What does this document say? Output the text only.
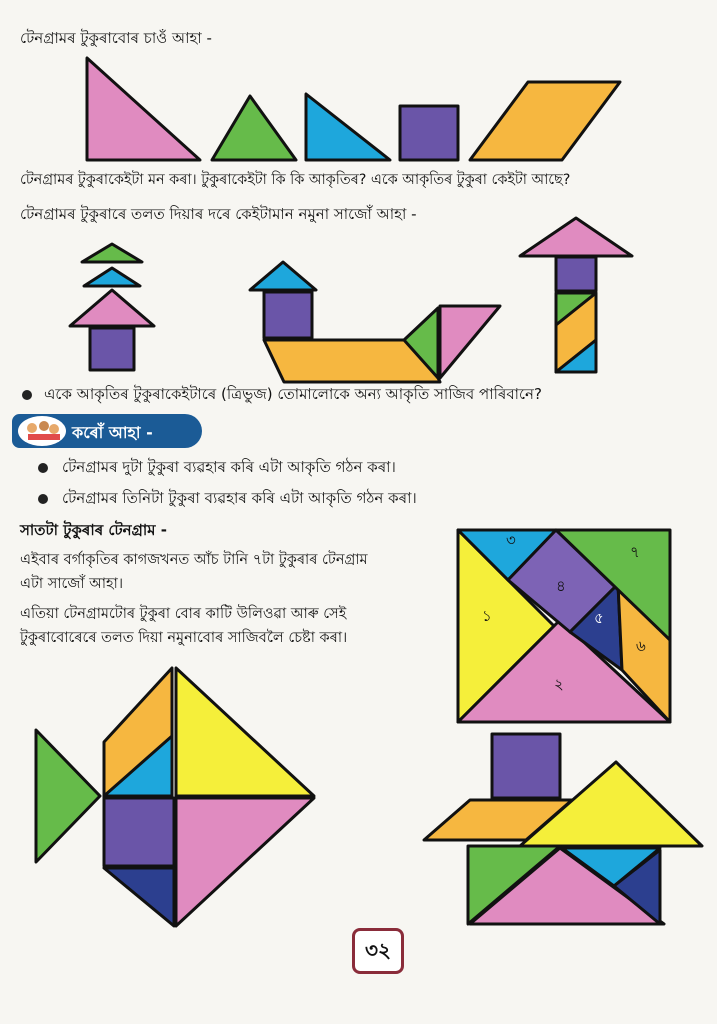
টেনগ্ৰামৰ টুকুৰাবোৰ চাওঁ আহা -
টেনগ্ৰামৰ টুকুৰাকেইটা মন কৰা। টুকুৰাকেইটা কি কি আকৃতিৰ? একে আকৃতিৰ টুকুৰা কেইটা আছে?
টেনগ্ৰামৰ টুকুৰাৰে তলত দিয়াৰ দৰে কেইটামান নমুনা সাজোঁ আহা -
একে আকৃতিৰ টুকুৰাকেইটাৰে (ত্ৰিভুজ) তোমালোকে অন্য আকৃতি সাজিব পাৰিবানে?
কৰোঁ আহা -
টেনগ্ৰামৰ দুটা টুকুৰা ব্যৱহাৰ কৰি এটা আকৃতি গঠন কৰা।
টেনগ্ৰামৰ তিনিটা টুকুৰা ব্যৱহাৰ কৰি এটা আকৃতি গঠন কৰা।
সাতটা টুকুৰাৰ টেনগ্ৰাম -
এইবাৰ বৰ্গাকৃতিৰ কাগজখনত আঁচ টানি ৭টা টুকুৰাৰ টেনগ্ৰাম
এটা সাজোঁ আহা।
এতিয়া টেনগ্ৰামটোৰ টুকুৰা বোৰ কাটি উলিওৱা আৰু সেই
টুকুৰাবোৰেৰে তলত দিয়া নমুনাবোৰ সাজিবলৈ চেষ্টা কৰা।
১
২
৩
৪
৫
৬
৭
৩২
